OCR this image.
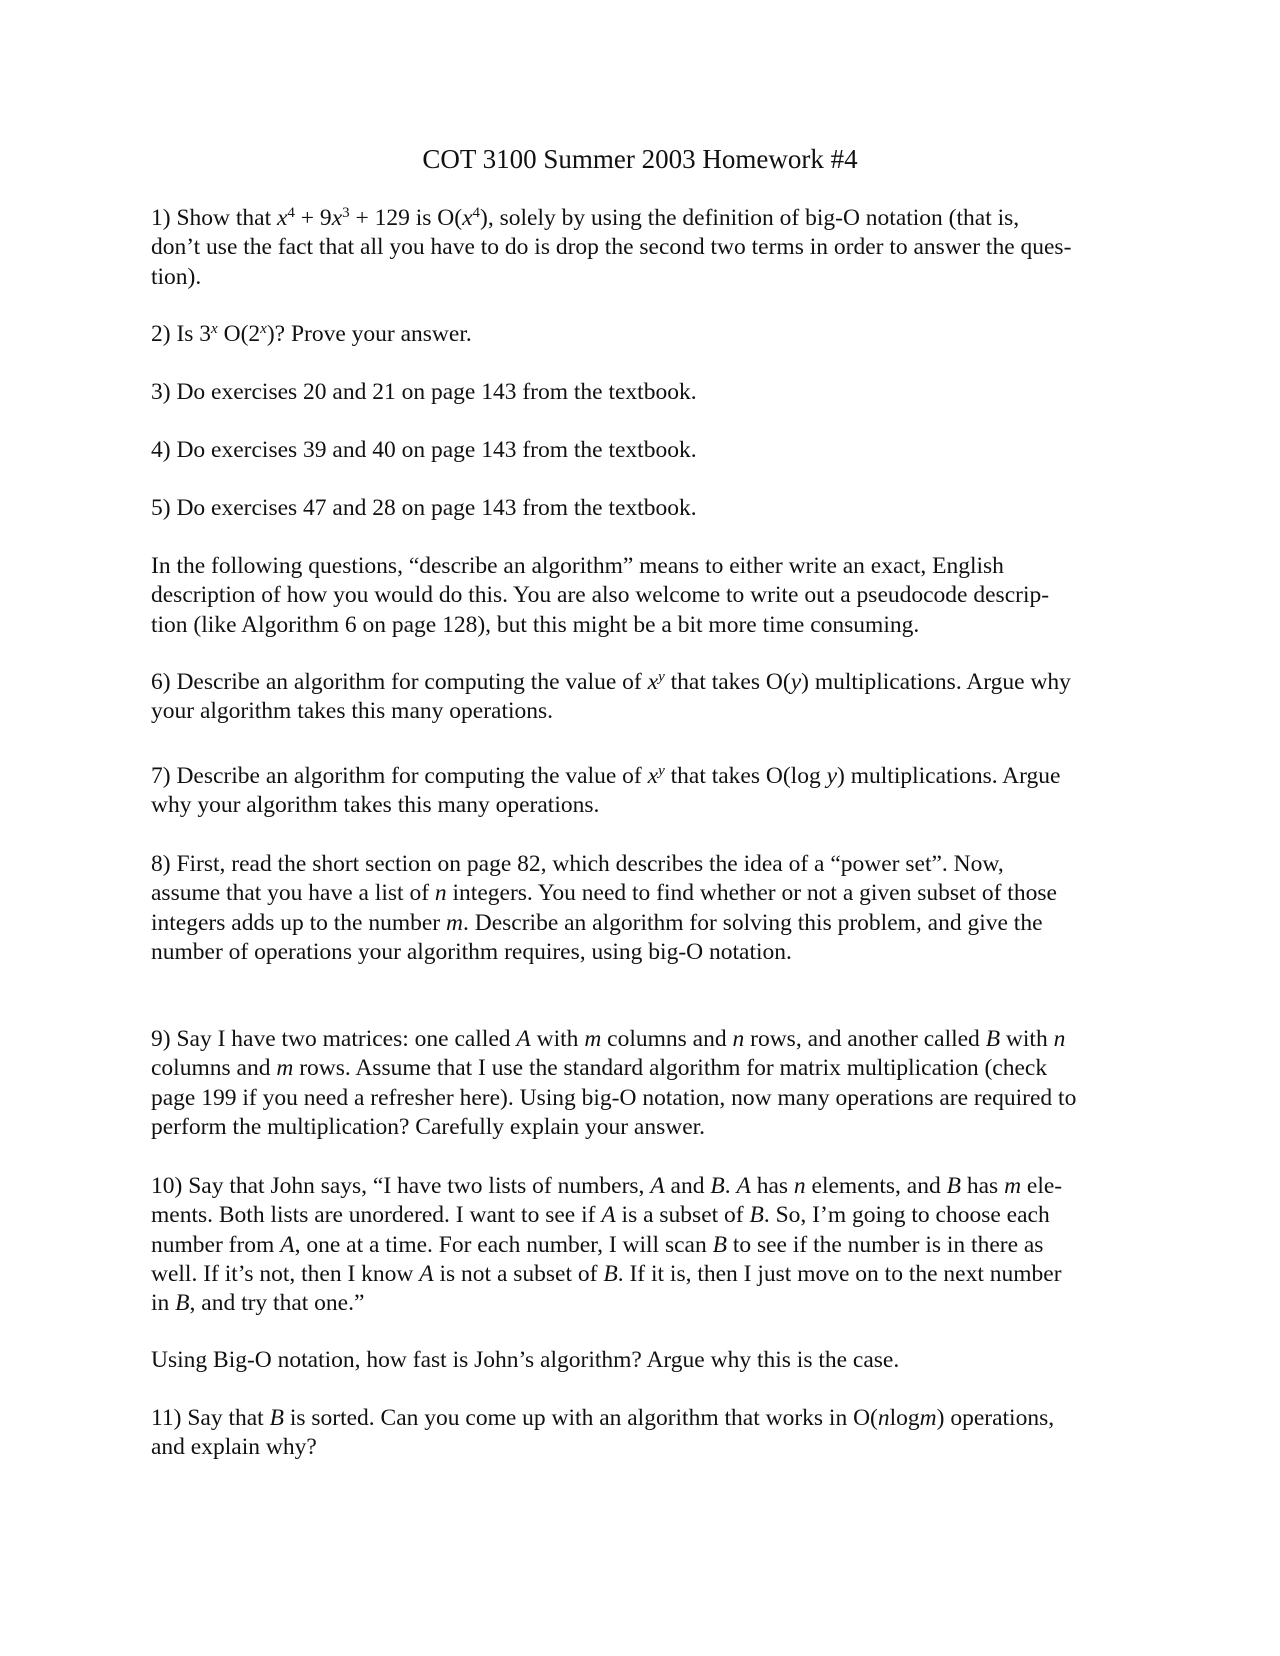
COT 3100 Summer 2003 Homework #4

1) Show that $x^4 + 9x^3 + 129$ is $O(x^4)$, solely by using the definition of big-O notation (that is,
don’t use the fact that all you have to do is drop the second two terms in order to answer the ques-
tion).

2) Is 3$^x$ O(2$^x$)? Prove your answer.

3) Do exercises 20 and 21 on page 143 from the textbook.

4) Do exercises 39 and 40 on page 143 from the textbook.

5) Do exercises 47 and 28 on page 143 from the textbook.

In the following questions, “describe an algorithm” means to either write an exact, English
description of how you would do this. You are also welcome to write out a pseudocode descrip-
tion (like Algorithm 6 on page 128), but this might be a bit more time consuming.

6) Describe an algorithm for computing the value of $x^y$ that takes O(y) multiplications. Argue why
your algorithm takes this many operations.

7) Describe an algorithm for computing the value of $x^y$ that takes O(log y) multiplications. Argue
why your algorithm takes this many operations.

8) First, read the short section on page 82, which describes the idea of a “power set”. Now,
assume that you have a list of n integers. You need to find whether or not a given subset of those
integers adds up to the number m. Describe an algorithm for solving this problem, and give the
number of operations your algorithm requires, using big-O notation.

9) Say I have two matrices: one called A with m columns and n rows, and another called B with n
columns and m rows. Assume that I use the standard algorithm for matrix multiplication (check
page 199 if you need a refresher here). Using big-O notation, now many operations are required to
perform the multiplication? Carefully explain your answer.

10) Say that John says, “I have two lists of numbers, A and B. A has n elements, and B has m ele-
ments. Both lists are unordered. I want to see if A is a subset of B. So, I’m going to choose each
number from A, one at a time. For each number, I will scan B to see if the number is in there as
well. If it’s not, then I know A is not a subset of B. If it is, then I just move on to the next number
in B, and try that one.”

Using Big-O notation, how fast is John’s algorithm? Argue why this is the case.

11) Say that B is sorted. Can you come up with an algorithm that works in O(nlogm) operations,
and explain why?
